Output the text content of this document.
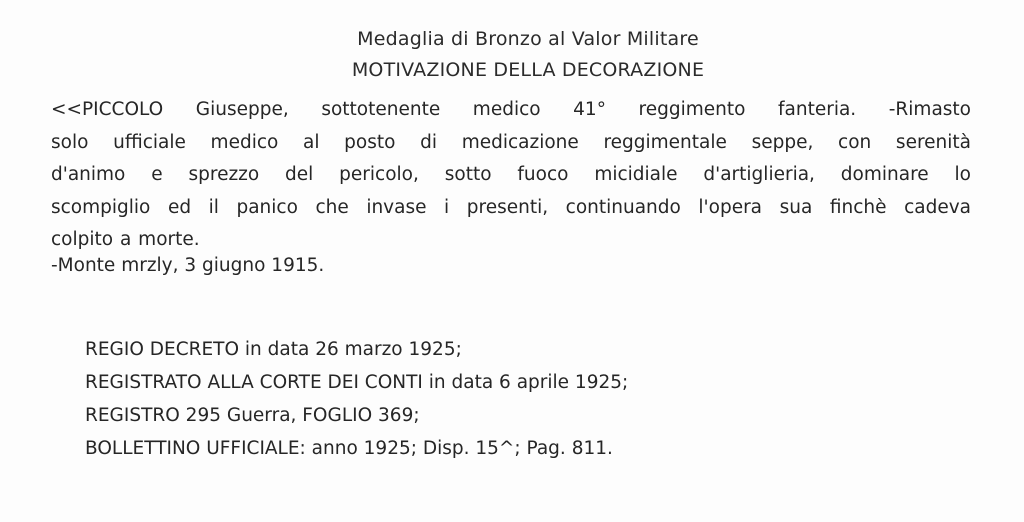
Medaglia di Bronzo al Valor Militare
MOTIVAZIONE DELLA DECORAZIONE
<<PICCOLO Giuseppe, sottotenente medico 41° reggimento fanteria. -Rimasto
solo ufficiale medico al posto di medicazione reggimentale seppe, con serenità
d'animo e sprezzo del pericolo, sotto fuoco micidiale d'artiglieria, dominare lo
scompiglio ed il panico che invase i presenti, continuando l'opera sua finchè cadeva
colpito a morte.
-Monte mrzly, 3 giugno 1915.
REGIO DECRETO in data 26 marzo 1925;
REGISTRATO ALLA CORTE DEI CONTI in data 6 aprile 1925;
REGISTRO 295 Guerra, FOGLIO 369;
BOLLETTINO UFFICIALE: anno 1925; Disp. 15^; Pag. 811.
